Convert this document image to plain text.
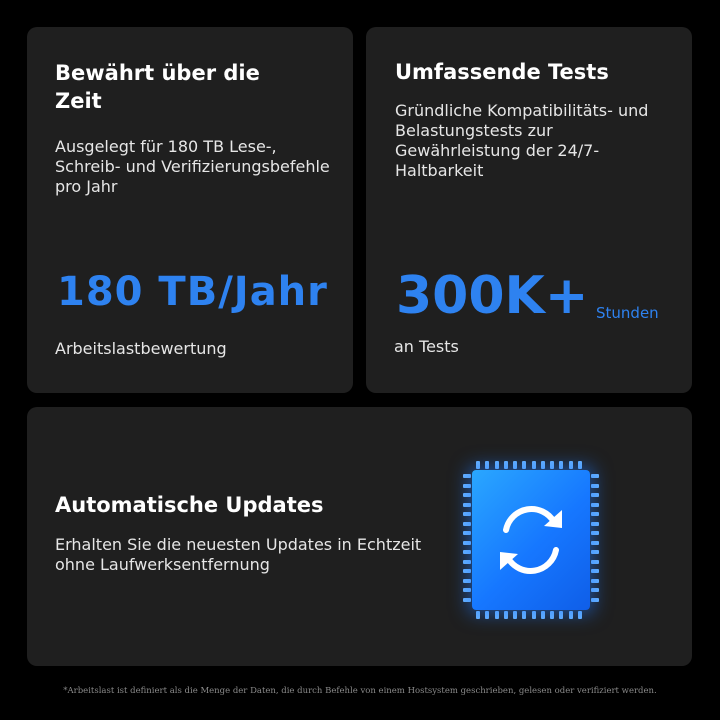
Bewährt über die Zeit

Ausgelegt für 180 TB Lese-, Schreib- und Verifizierungsbefehle pro Jahr

180 TB/Jahr

Arbeitslastbewertung

Umfassende Tests

Gründliche Kompatibilitäts- und Belastungstests zur Gewährleistung der 24/7-Haltbarkeit

300K+ Stunden

an Tests

Automatische Updates

Erhalten Sie die neuesten Updates in Echtzeit ohne Laufwerksentfernung

*Arbeitslast ist definiert als die Menge der Daten, die durch Befehle von einem Hostsystem geschrieben, gelesen oder verifiziert werden.
